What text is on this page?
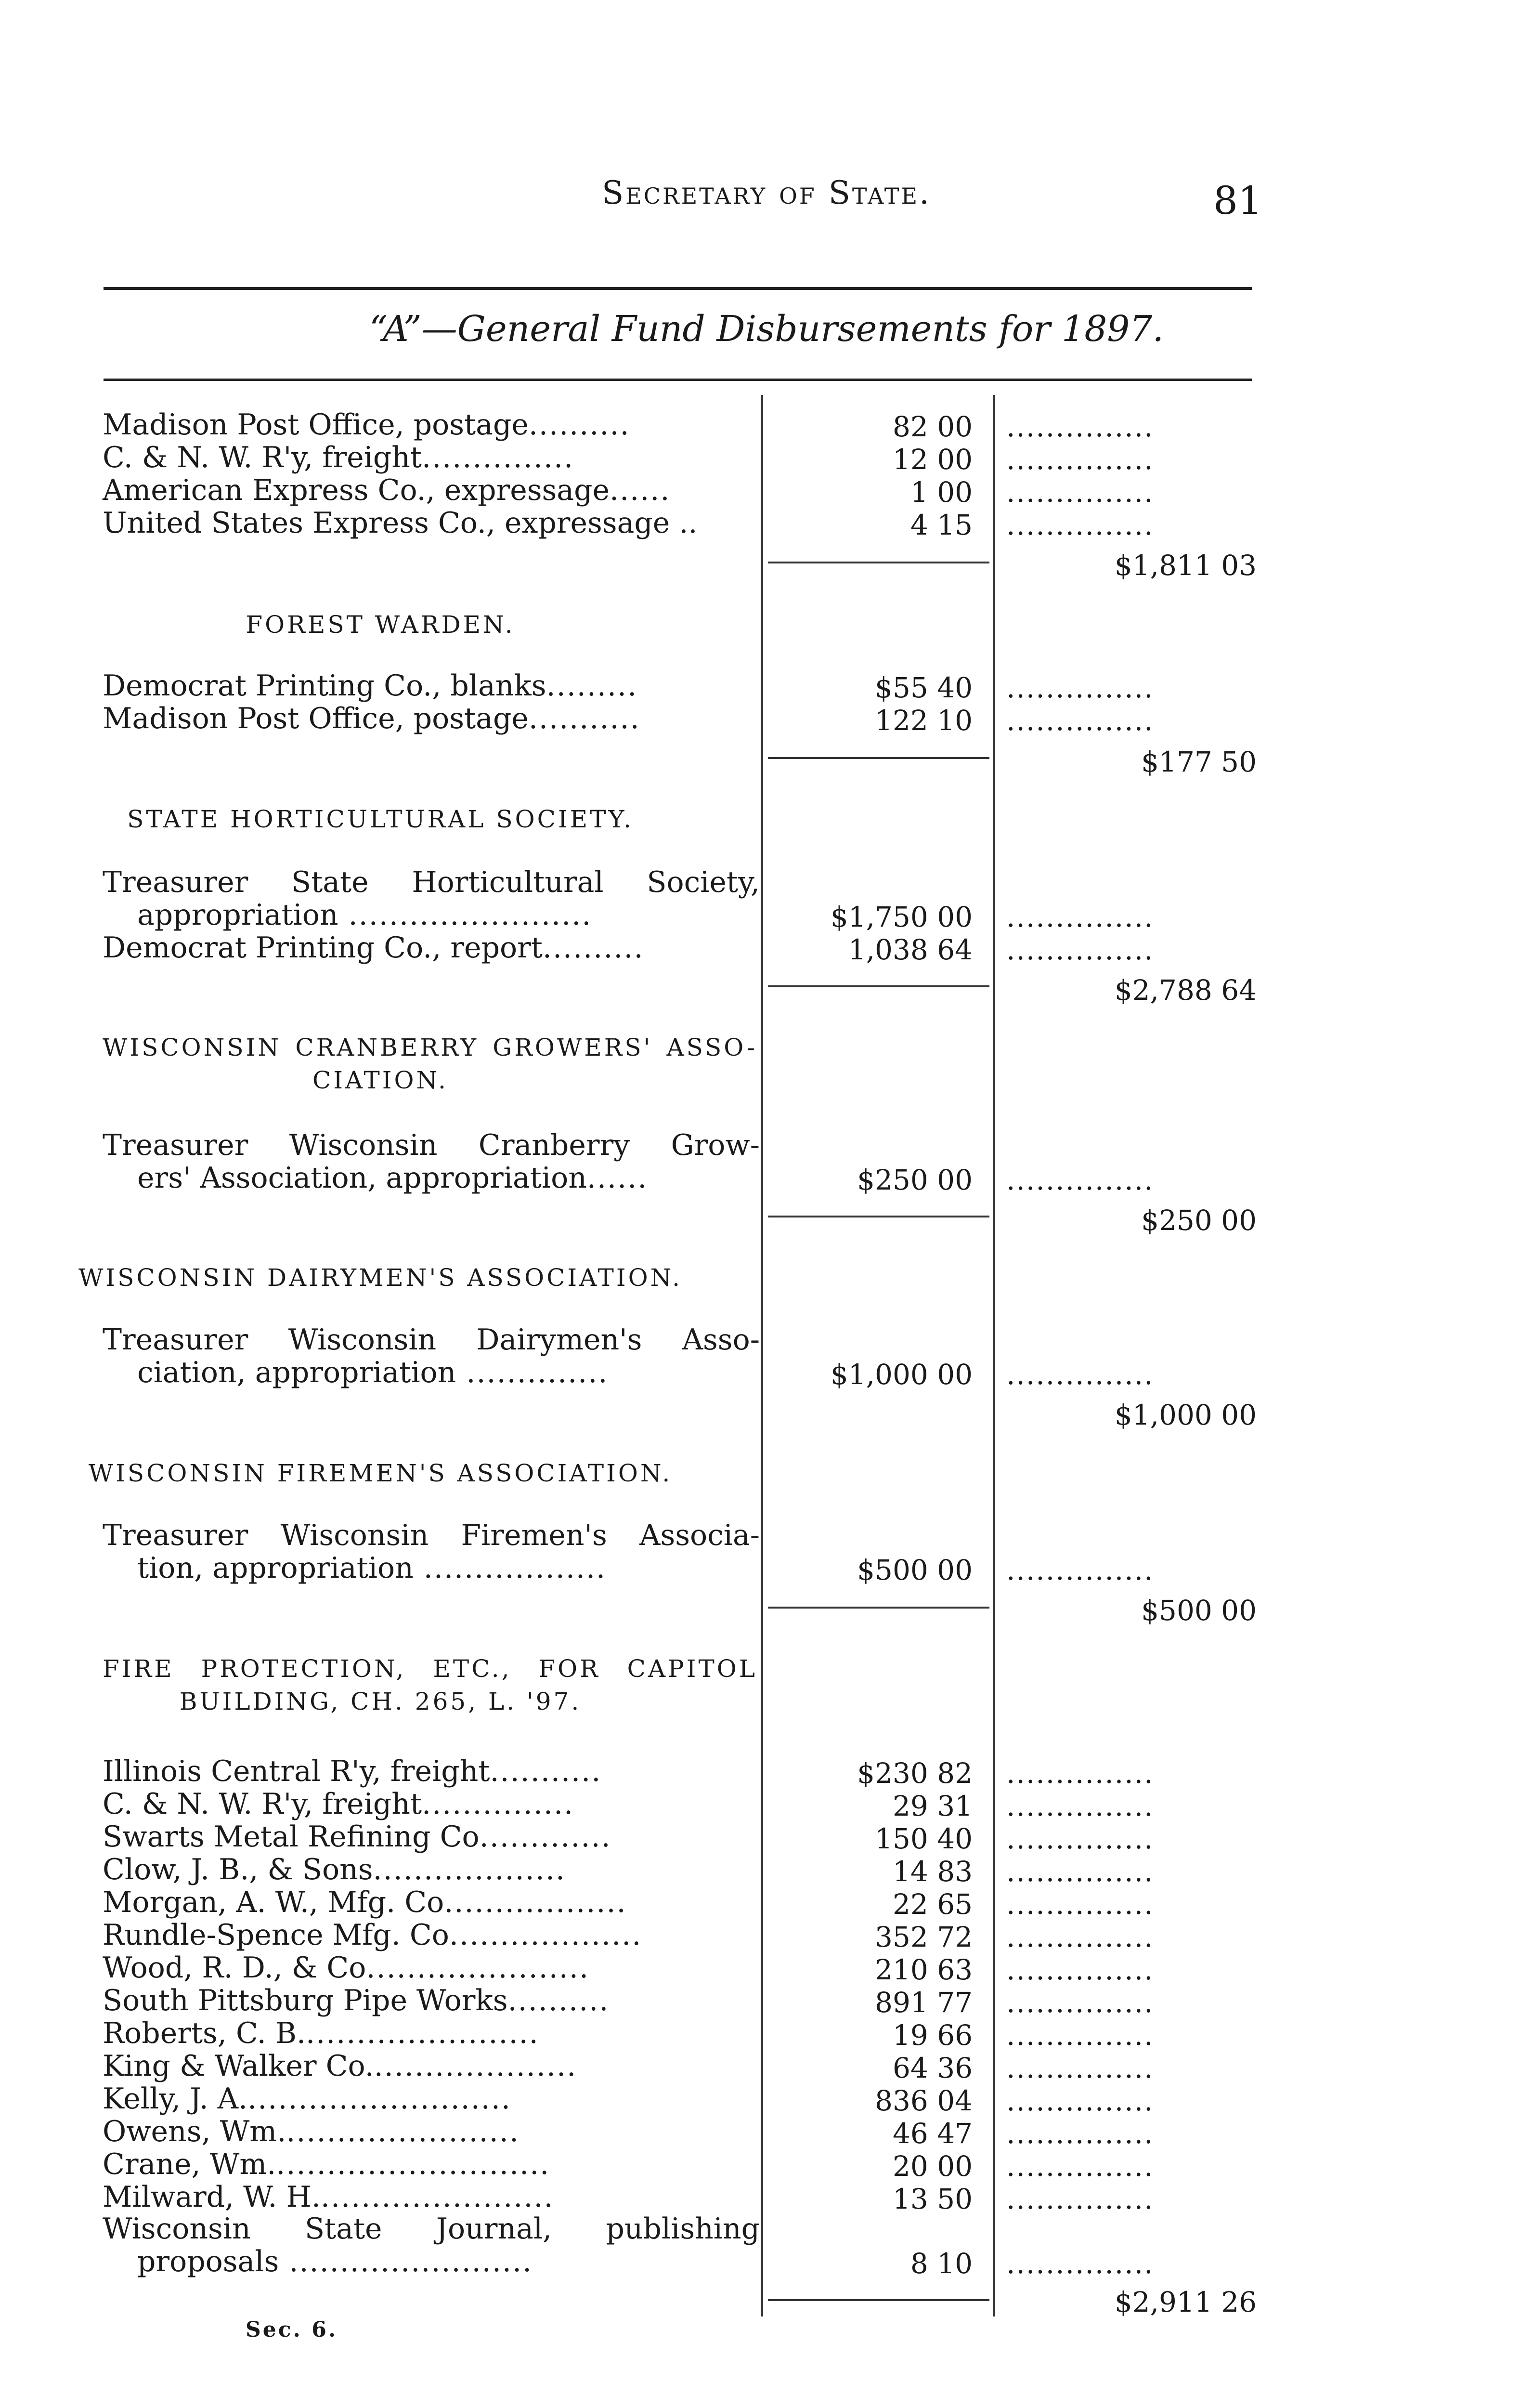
Secretary of State.	81
“A”—General Fund Disbursements for 1897.
Madison Post Office, postage..........	82 00 ...............
C. & N. W. R'y, freight...............	12 00 ...............
American Express Co., expressage......	1 00 ...............
United States Express Co., expressage ..	4 15 ...............
$1,811 03
FOREST WARDEN.
Democrat Printing Co., blanks.........	$55 40 ...............
Madison Post Office, postage...........	122 10 ...............
$177 50
STATE HORTICULTURAL SOCIETY.
Treasurer State Horticultural Society,
appropriation ........................	$1,750 00 ...............
Democrat Printing Co., report..........	1,038 64 ...............
$2,788 64
WISCONSIN CRANBERRY GROWERS' ASSO-
CIATION.
Treasurer Wisconsin Cranberry Grow-
ers' Association, appropriation......	$250 00 ...............
$250 00
WISCONSIN DAIRYMEN'S ASSOCIATION.
Treasurer Wisconsin Dairymen's Asso-
ciation, appropriation ..............	$1,000 00 ...............
$1,000 00
WISCONSIN FIREMEN'S ASSOCIATION.
Treasurer Wisconsin Firemen's Associa-
tion, appropriation ..................	$500 00 ...............
$500 00
FIRE PROTECTION, ETC., FOR CAPITOL
BUILDING, CH. 265, L. '97.
Illinois Central R'y, freight...........	$230 82 ...............
C. & N. W. R'y, freight...............	29 31 ...............
Swarts Metal Refining Co.............	150 40 ...............
Clow, J. B., & Sons...................	14 83 ...............
Morgan, A. W., Mfg. Co..................	22 65 ...............
Rundle-Spence Mfg. Co...................	352 72 ...............
Wood, R. D., & Co......................	210 63 ...............
South Pittsburg Pipe Works..........	891 77 ...............
Roberts, C. B........................	19 66 ...............
King & Walker Co.....................	64 36 ...............
Kelly, J. A...........................	836 04 ...............
Owens, Wm........................	46 47 ...............
Crane, Wm............................	20 00 ...............
Milward, W. H........................	13 50 ...............
Wisconsin State Journal, publishing
proposals ........................	8 10 ...............
$2,911 26
Sec. 6.
